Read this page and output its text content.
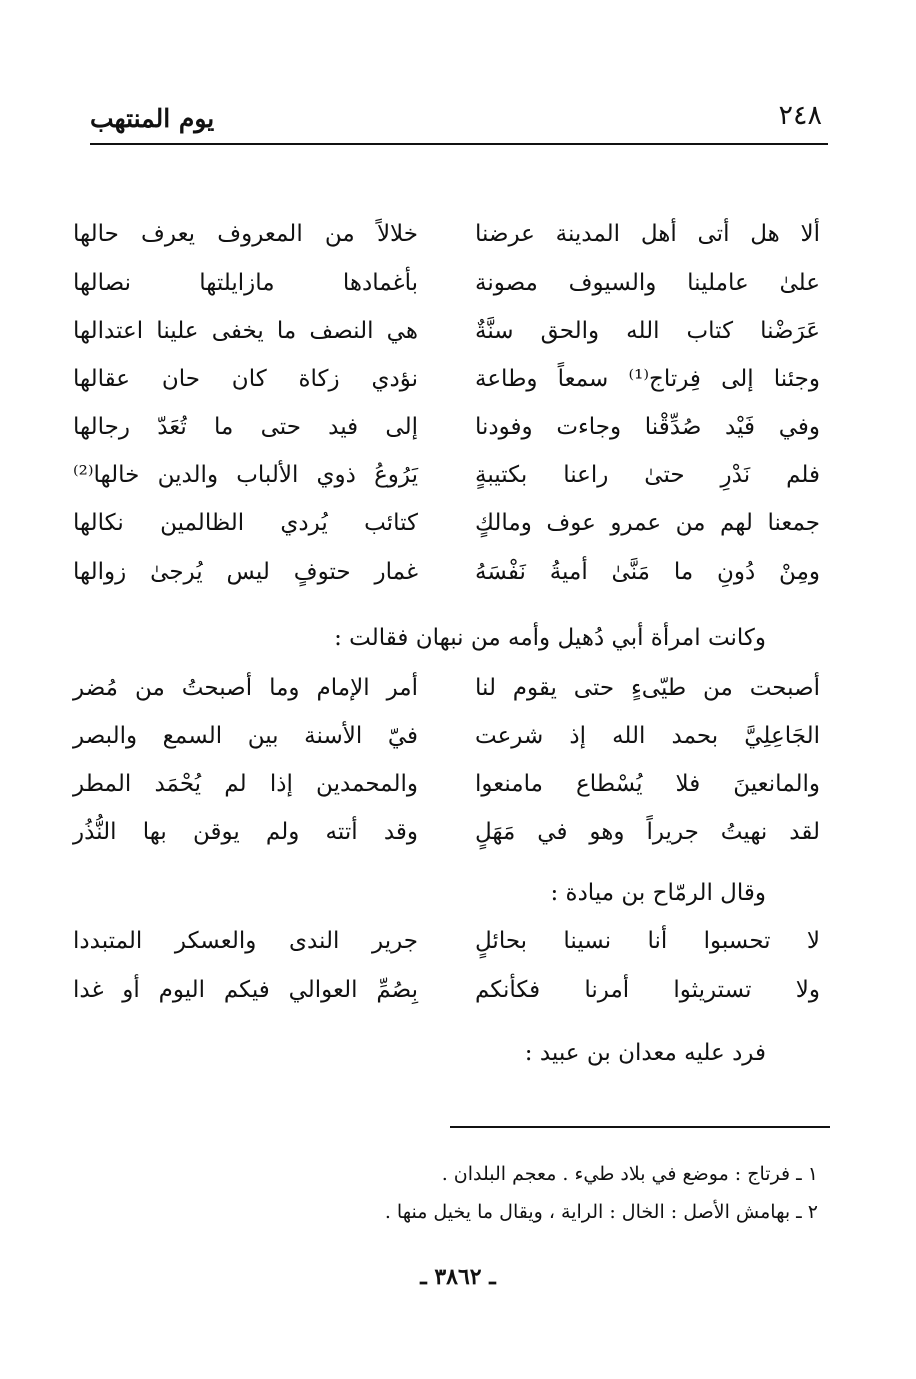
٢٤٨
يوم المنتهب
ألا هل أتى أهل المدينة عرضنا
خلالاً من المعروف يعرف حالها
علىٰ عاملينا والسيوف مصونة
بأغمادها مازايلتها نصالها
عَرَضْنا كتاب الله والحق سنَّةٌ
هي النصف ما يخفى علينا اعتدالها
وجئنا إلى فِرتاج⁽¹⁾ سمعاً وطاعة
نؤدي زكاة كان حان عقالها
وفي فَيْد صُدِّقْنا وجاءت وفودنا
إلى فيد حتى ما تُعَدّ رجالها
فلم نَدْرِ حتىٰ راعنا بكتيبةٍ
يَرُوعُ ذوي الألباب والدين خالها⁽²⁾
جمعنا لهم من عمرو عوف ومالكٍ
كتائب يُردي الظالمين نكالها
ومِنْ دُونِ ما مَنَّىٰ أميةُ نَفْسَهُ
غمار حتوفٍ ليس يُرجىٰ زوالها
وكانت امرأة أبي دُهيل وأمه من نبهان فقالت :
أصبحت من طيّىءٍ حتى يقوم لنا
أمر الإمام وما أصبحتُ من مُضر
الجَاعِلِيَّ بحمد الله إذ شرعت
فيّ الأسنة بين السمع والبصر
والمانعينَ فلا يُسْطاع مامنعوا
والمحمدين إذا لم يُحْمَد المطر
لقد نهيتُ جريراً وهو في مَهَلٍ
وقد أتته ولم يوقن بها النُّذُر
وقال الرمّاح بن ميادة :
لا تحسبوا أنا نسينا بحائلٍ
جرير الندى والعسكر المتبددا
ولا تستريثوا أمرنا فكأنكم
بِصُمِّ العوالي فيكم اليوم أو غدا
فرد عليه معدان بن عبيد :
١ ـ فرتاج : موضع في بلاد طيء . معجم البلدان .
٢ ـ بهامش الأصل : الخال : الراية ، ويقال ما يخيل منها .
ـ ٣٨٦٢ ـ
